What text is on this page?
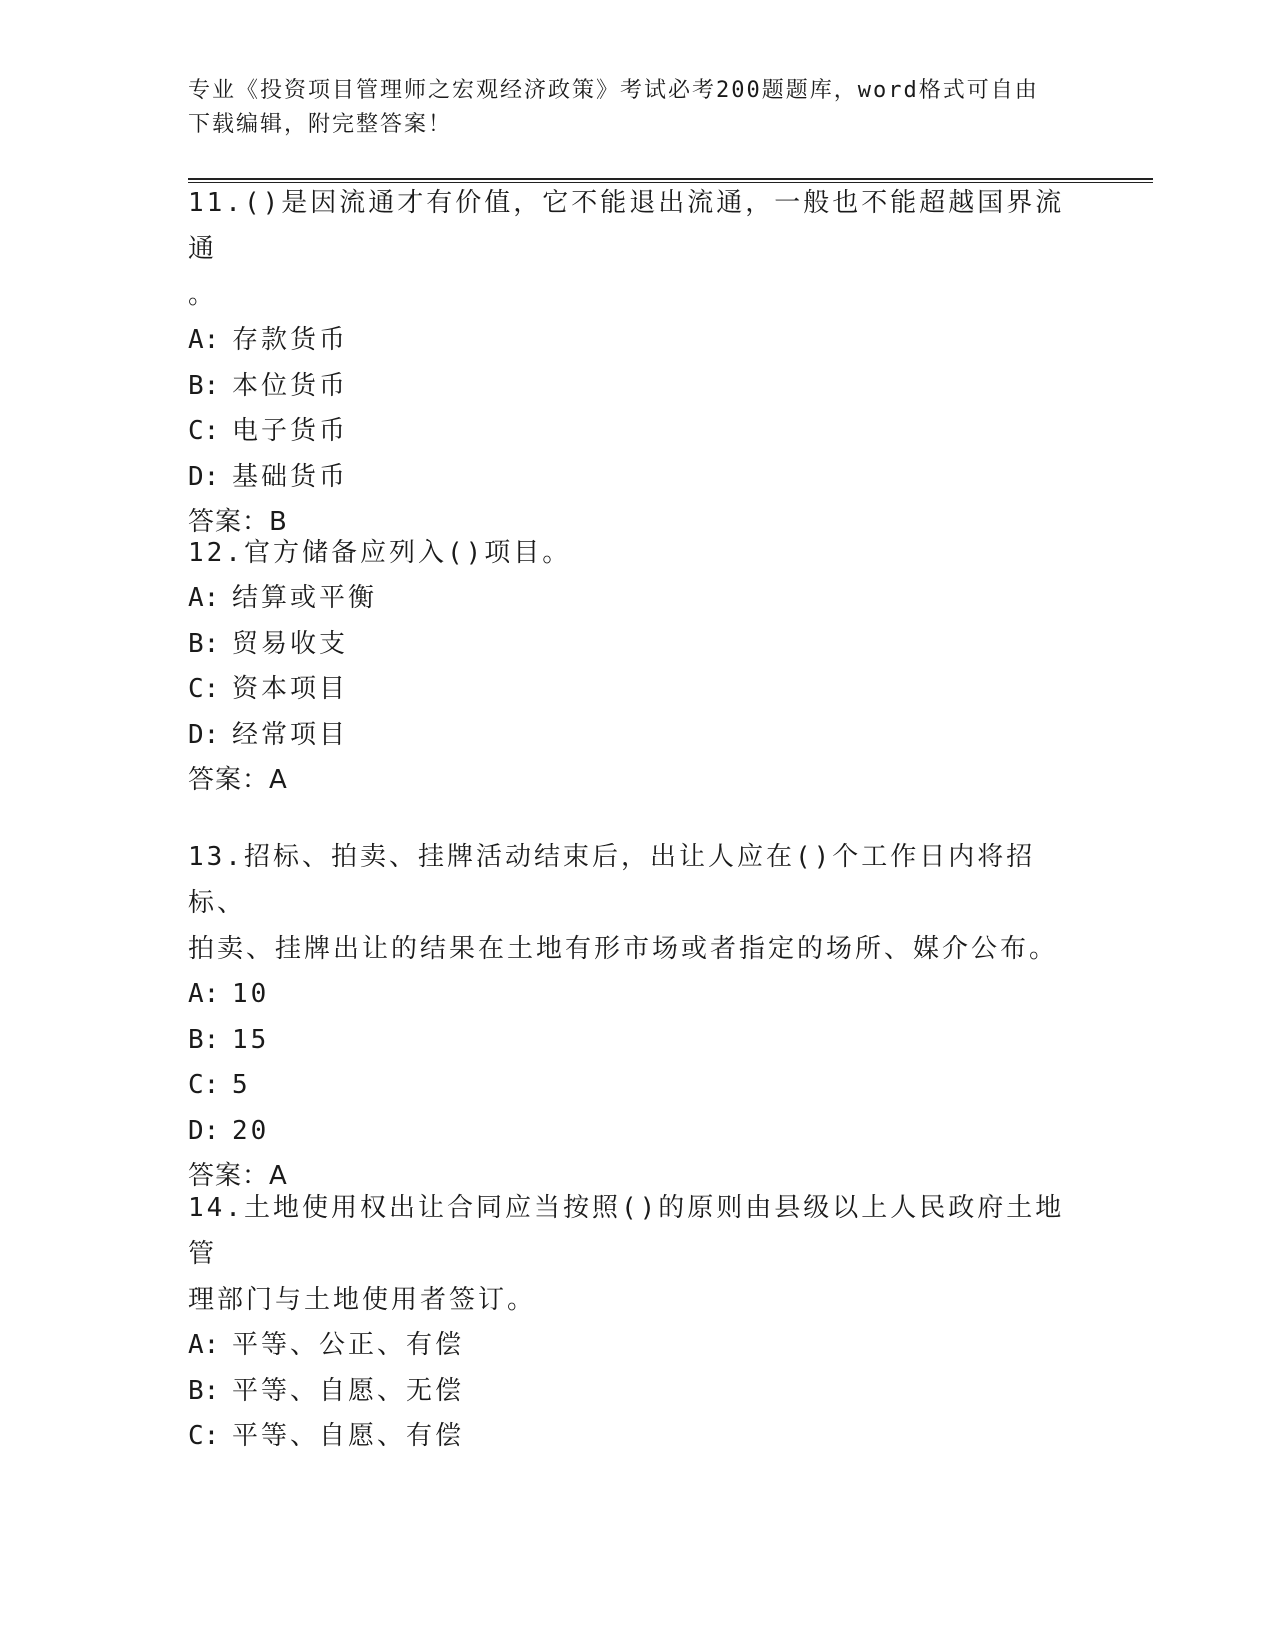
专业《投资项目管理师之宏观经济政策》考试必考200题题库，word格式可自由
下载编辑，附完整答案！
11.()是因流通才有价值，它不能退出流通，一般也不能超越国界流通
。
A: 存款货币
B: 本位货币
C: 电子货币
D: 基础货币
答案：B
12.官方储备应列入()项目。
A: 结算或平衡
B: 贸易收支
C: 资本项目
D: 经常项目
答案：A
13.招标、拍卖、挂牌活动结束后，出让人应在()个工作日内将招标、
拍卖、挂牌出让的结果在土地有形市场或者指定的场所、媒介公布。
A: 10
B: 15
C: 5
D: 20
答案：A
14.土地使用权出让合同应当按照()的原则由县级以上人民政府土地管
理部门与土地使用者签订。
A: 平等、公正、有偿
B: 平等、自愿、无偿
C: 平等、自愿、有偿
